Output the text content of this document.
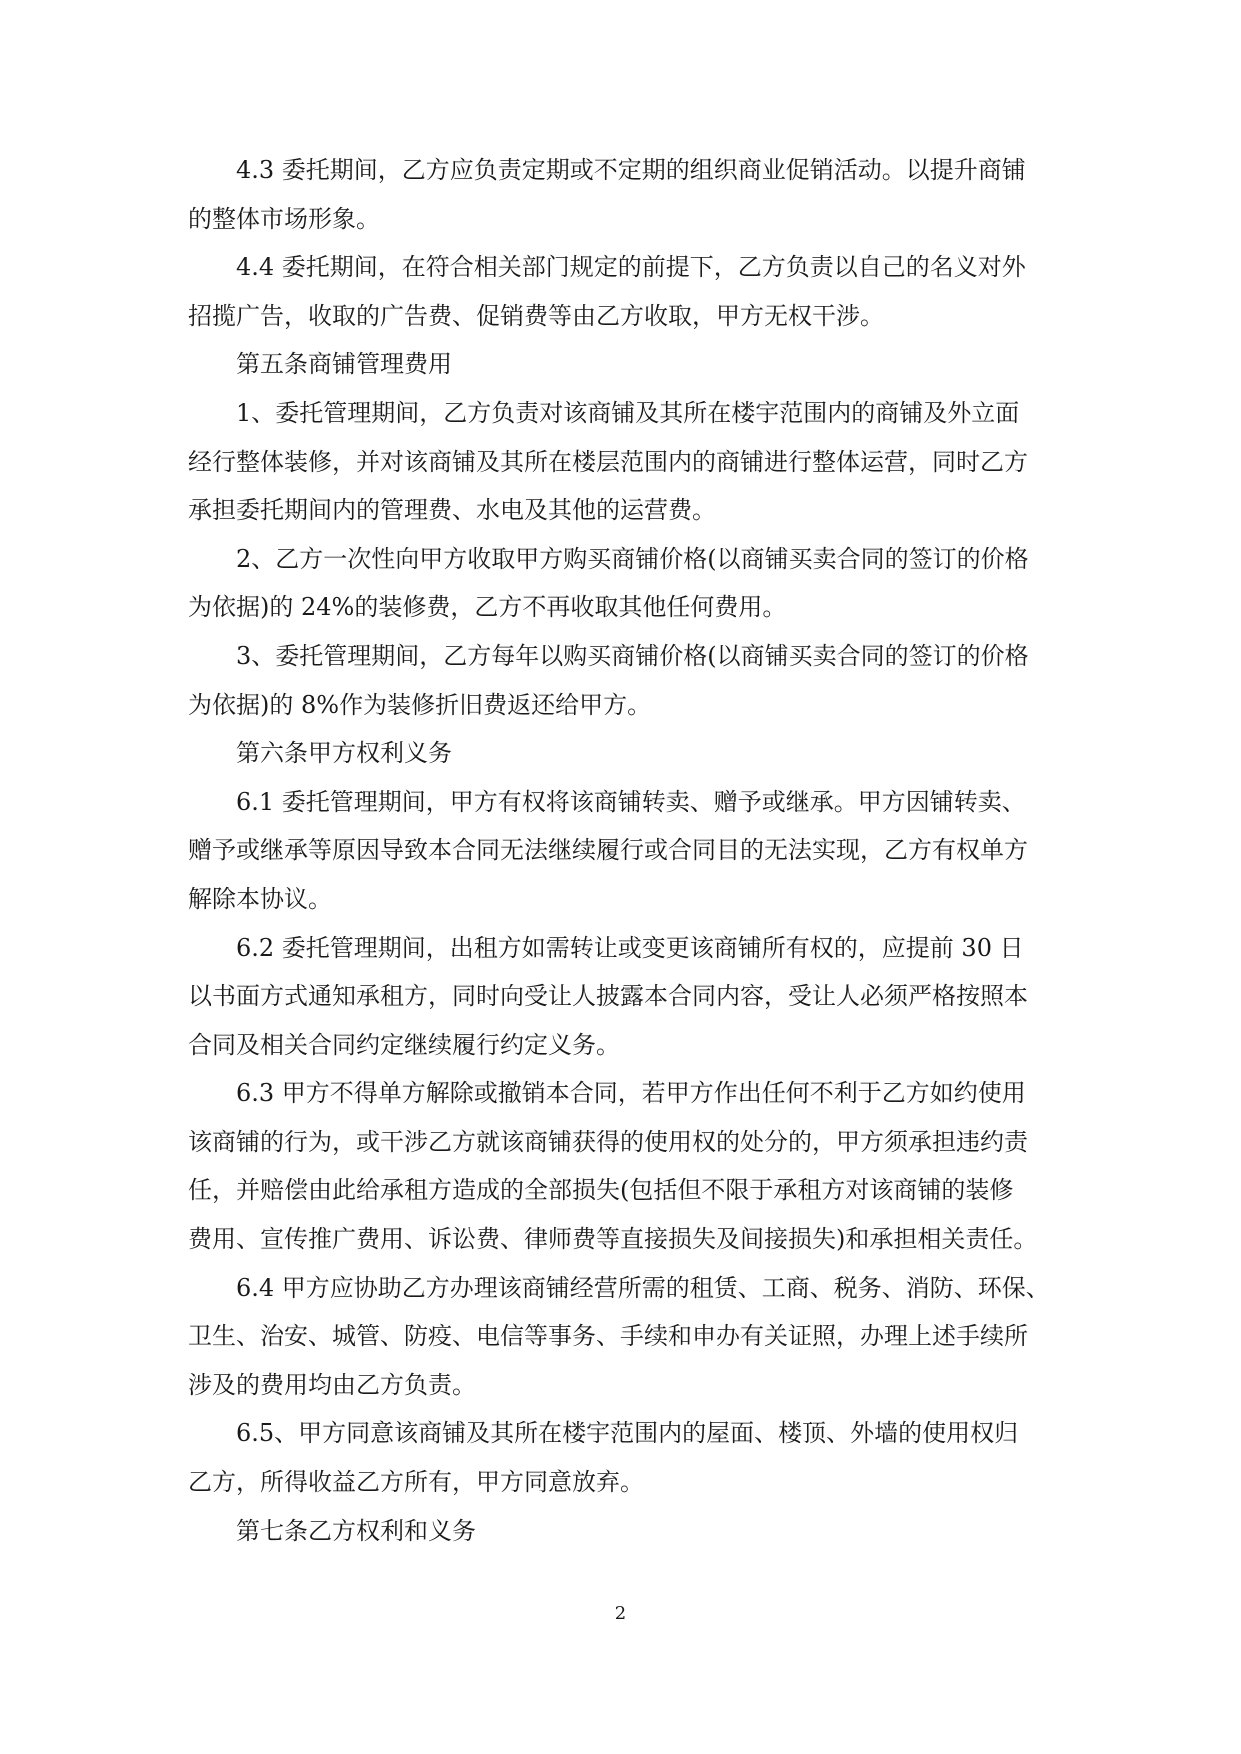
4.3 委托期间，乙方应负责定期或不定期的组织商业促销活动。以提升商铺
的整体市场形象。

4.4 委托期间，在符合相关部门规定的前提下，乙方负责以自己的名义对外
招揽广告，收取的广告费、促销费等由乙方收取，甲方无权干涉。

第五条商铺管理费用

1、委托管理期间，乙方负责对该商铺及其所在楼宇范围内的商铺及外立面
经行整体装修，并对该商铺及其所在楼层范围内的商铺进行整体运营，同时乙方
承担委托期间内的管理费、水电及其他的运营费。

2、乙方一次性向甲方收取甲方购买商铺价格(以商铺买卖合同的签订的价格
为依据)的 24%的装修费，乙方不再收取其他任何费用。

3、委托管理期间，乙方每年以购买商铺价格(以商铺买卖合同的签订的价格
为依据)的 8%作为装修折旧费返还给甲方。

第六条甲方权利义务

6.1 委托管理期间，甲方有权将该商铺转卖、赠予或继承。甲方因铺转卖、
赠予或继承等原因导致本合同无法继续履行或合同目的无法实现，乙方有权单方
解除本协议。

6.2 委托管理期间，出租方如需转让或变更该商铺所有权的，应提前 30 日
以书面方式通知承租方，同时向受让人披露本合同内容，受让人必须严格按照本
合同及相关合同约定继续履行约定义务。

6.3 甲方不得单方解除或撤销本合同，若甲方作出任何不利于乙方如约使用
该商铺的行为，或干涉乙方就该商铺获得的使用权的处分的，甲方须承担违约责
任，并赔偿由此给承租方造成的全部损失(包括但不限于承租方对该商铺的装修
费用、宣传推广费用、诉讼费、律师费等直接损失及间接损失)和承担相关责任。

6.4 甲方应协助乙方办理该商铺经营所需的租赁、工商、税务、消防、环保、
卫生、治安、城管、防疫、电信等事务、手续和申办有关证照，办理上述手续所
涉及的费用均由乙方负责。

6.5、甲方同意该商铺及其所在楼宇范围内的屋面、楼顶、外墙的使用权归
乙方，所得收益乙方所有，甲方同意放弃。

第七条乙方权利和义务

2
